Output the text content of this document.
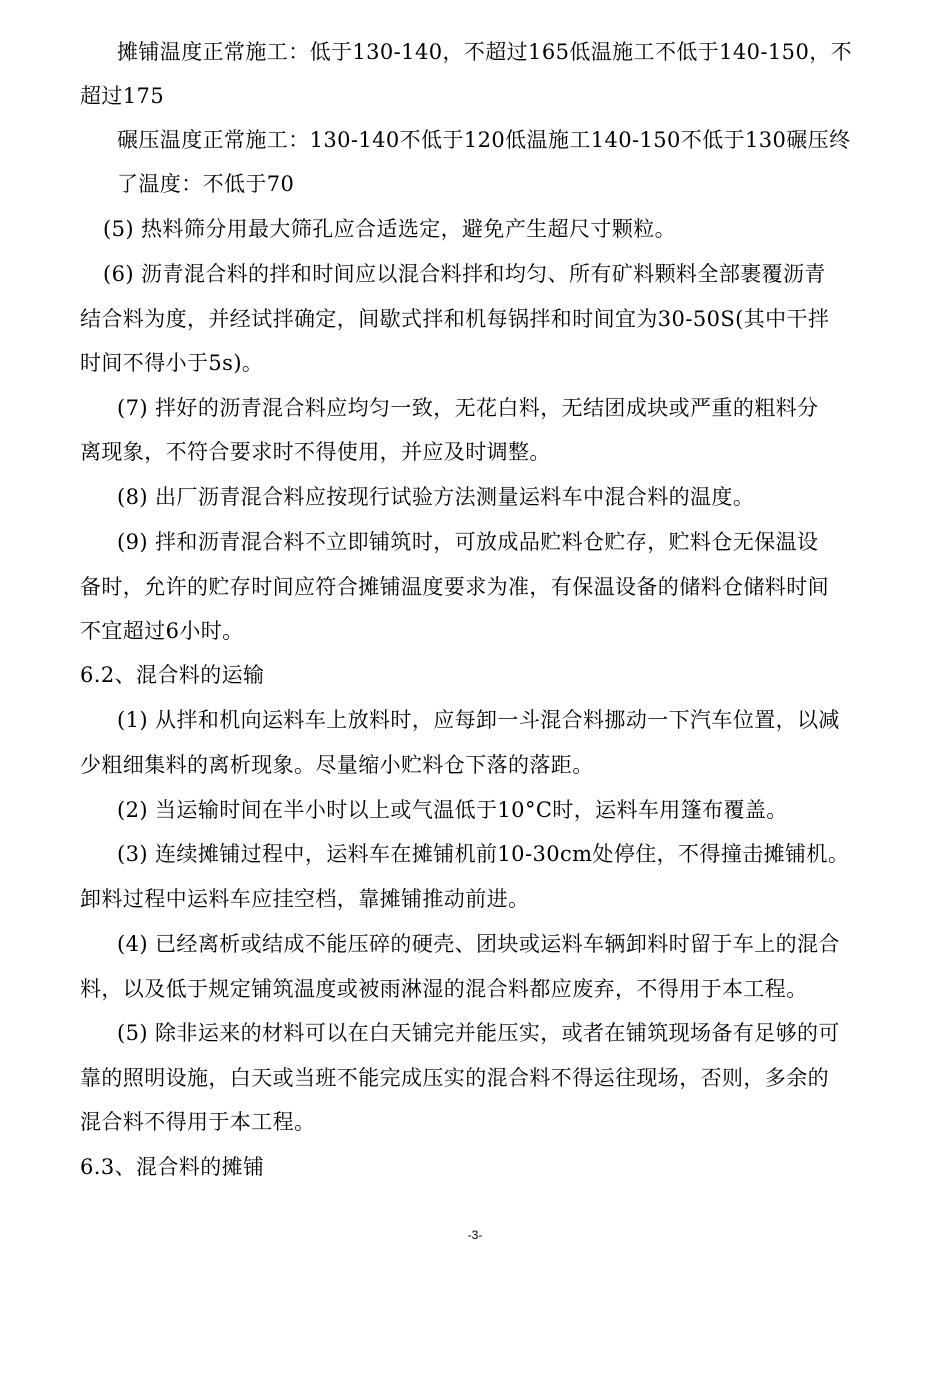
摊铺温度正常施工：低于130-140，不超过165低温施工不低于140-150，不
超过175
碾压温度正常施工：130-140不低于120低温施工140-150不低于130碾压终
了温度：不低于70
(5) 热料筛分用最大筛孔应合适选定，避免产生超尺寸颗粒。
(6) 沥青混合料的拌和时间应以混合料拌和均匀、所有矿料颗料全部裹覆沥青
结合料为度，并经试拌确定，间歇式拌和机每锅拌和时间宜为30-50S(其中干拌
时间不得小于5s)。
(7) 拌好的沥青混合料应均匀一致，无花白料，无结团成块或严重的粗料分
离现象，不符合要求时不得使用，并应及时调整。
(8) 出厂沥青混合料应按现行试验方法测量运料车中混合料的温度。
(9) 拌和沥青混合料不立即铺筑时，可放成品贮料仓贮存，贮料仓无保温设
备时，允许的贮存时间应符合摊铺温度要求为准，有保温设备的储料仓储料时间
不宜超过6小时。
6.2、混合料的运输
(1) 从拌和机向运料车上放料时，应每卸一斗混合料挪动一下汽车位置，以减
少粗细集料的离析现象。尽量缩小贮料仓下落的落距。
(2) 当运输时间在半小时以上或气温低于10°C时，运料车用篷布覆盖。
(3) 连续摊铺过程中，运料车在摊铺机前10-30cm处停住，不得撞击摊铺机。
卸料过程中运料车应挂空档，靠摊铺推动前进。
(4) 已经离析或结成不能压碎的硬壳、团块或运料车辆卸料时留于车上的混合
料，以及低于规定铺筑温度或被雨淋湿的混合料都应废弃，不得用于本工程。
(5) 除非运来的材料可以在白天铺完并能压实，或者在铺筑现场备有足够的可
靠的照明设施，白天或当班不能完成压实的混合料不得运往现场，否则，多余的
混合料不得用于本工程。
6.3、混合料的摊铺
-3-
